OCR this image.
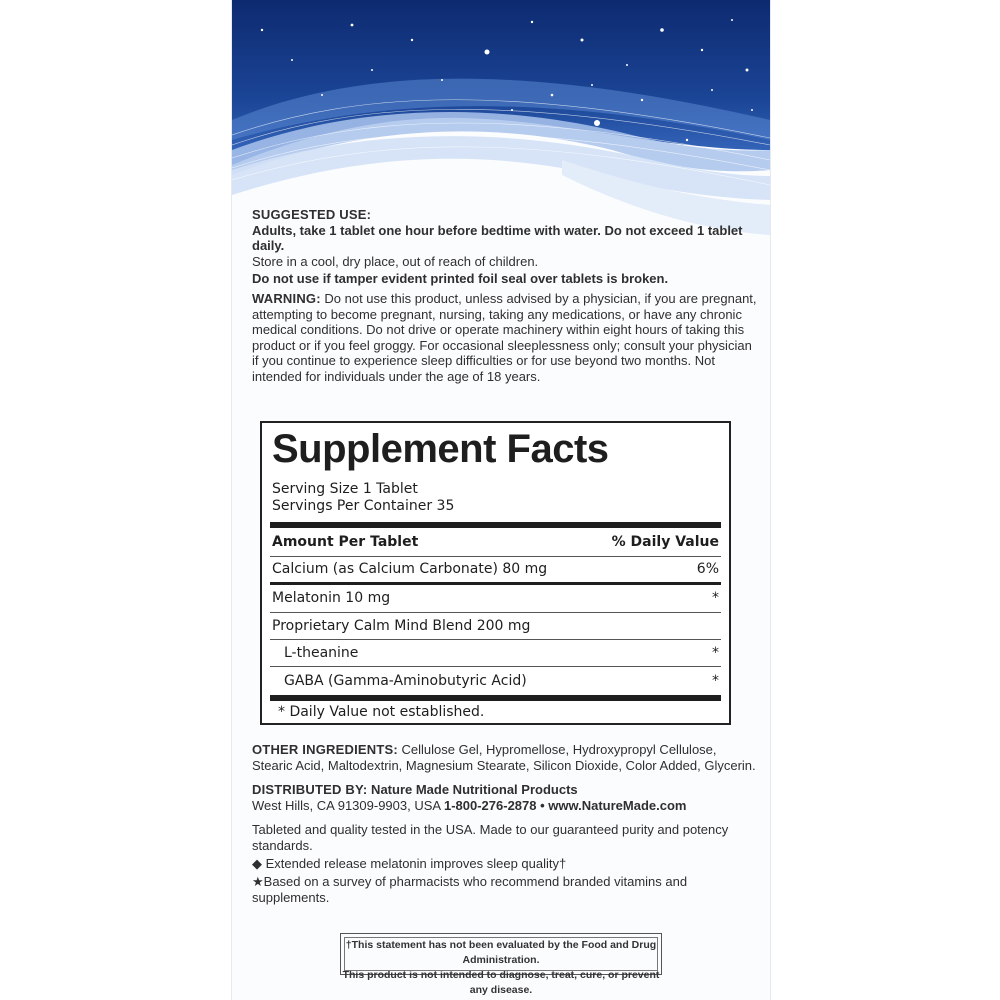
SUGGESTED USE:
Adults, take 1 tablet one hour before bedtime with water. Do not exceed 1 tablet daily.
Store in a cool, dry place, out of reach of children.

Do not use if tamper evident printed foil seal over tablets is broken.

WARNING: Do not use this product, unless advised by a physician, if you are pregnant, attempting to become pregnant, nursing, taking any medications, or have any chronic medical conditions. Do not drive or operate machinery within eight hours of taking this product or if you feel groggy. For occasional sleeplessness only; consult your physician if you continue to experience sleep difficulties or for use beyond two months. Not intended for individuals under the age of 18 years.

Supplement Facts
Serving Size 1 Tablet
Servings Per Container 35
Amount Per Tablet	% Daily Value
Calcium (as Calcium Carbonate) 80 mg	6%
Melatonin 10 mg	*
Proprietary Calm Mind Blend 200 mg
L-theanine	*
GABA (Gamma-Aminobutyric Acid)	*
* Daily Value not established.

OTHER INGREDIENTS: Cellulose Gel, Hypromellose, Hydroxypropyl Cellulose, Stearic Acid, Maltodextrin, Magnesium Stearate, Silicon Dioxide, Color Added, Glycerin.

DISTRIBUTED BY: Nature Made Nutritional Products
West Hills, CA 91309-9903, USA 1-800-276-2878 • www.NatureMade.com

Tableted and quality tested in the USA. Made to our guaranteed purity and potency standards.

◆ Extended release melatonin improves sleep quality†

★Based on a survey of pharmacists who recommend branded vitamins and supplements.

†This statement has not been evaluated by the Food and Drug Administration.
This product is not intended to diagnose, treat, cure, or prevent any disease.
